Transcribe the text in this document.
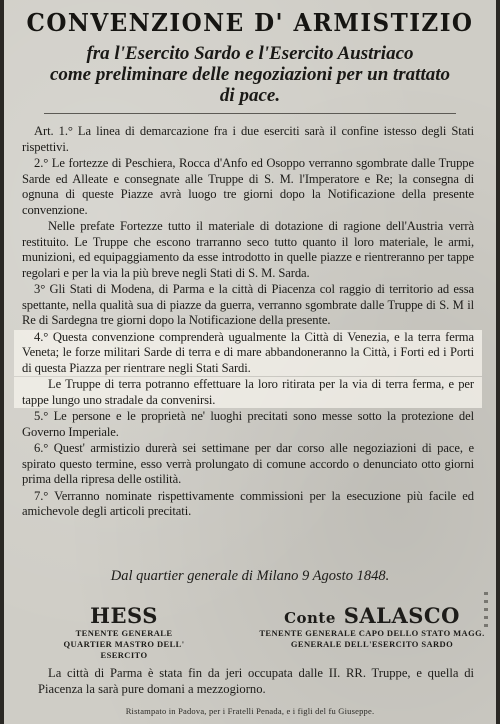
CONVENZIONE D' ARMISTIZIO
fra l'Esercito Sardo e l'Esercito Austriaco
come preliminare delle negoziazioni per un trattato
di pace.

Art. 1.° La linea di demarcazione fra i due eserciti sarà il confine istesso degli Stati rispettivi.

2.° Le fortezze di Peschiera, Rocca d'Anfo ed Osoppo verranno sgombrate dalle Truppe Sarde ed Alleate e consegnate alle Truppe di S. M. l'Imperatore e Re; la consegna di ognuna di queste Piazze avrà luogo tre giorni dopo la Notificazione della presente convenzione.

Nelle prefate Fortezze tutto il materiale di dotazione di ragione dell'Austria verrà restituito. Le Truppe che escono trarranno seco tutto quanto il loro materiale, le armi, munizioni, ed equipaggiamento da esse introdotto in quelle piazze e rientreranno per tappe regolari e per la via la più breve negli Stati di S. M. Sarda.

3° Gli Stati di Modena, di Parma e la città di Piacenza col raggio di territorio ad essa spettante, nella qualità sua di piazze da guerra, verranno sgombrate dalle Truppe di S. M il Re di Sardegna tre giorni dopo la Notificazione della presente.

4.° Questa convenzione comprenderà ugualmente la Città di Venezia, e la terra ferma Veneta; le forze militari Sarde di terra e di mare abbandoneranno la Città, i Forti ed i Porti di questa Piazza per rientrare negli Stati Sardi.

Le Truppe di terra potranno effettuare la loro ritirata per la via di terra ferma, e per tappe lungo uno stradale da convenirsi.

5.° Le persone e le proprietà ne' luoghi precitati sono messe sotto la protezione del Governo Imperiale.

6.° Quest' armistizio durerà sei settimane per dar corso alle negoziazioni di pace, e spirato questo termine, esso verrà prolungato di comune accordo o denunciato otto giorni prima della ripresa delle ostilità.

7.° Verranno nominate rispettivamente commissioni per la esecuzione più facile ed amichevole degli articoli precitati.

Dal quartier generale di Milano 9 Agosto 1848.
HESS
TENENTE GENERALE
QUARTIER MASTRO DELL' ESERCITO
Conte SALASCO
TENENTE GENERALE CAPO DELLO STATO MAGG.
GENERALE DELL'ESERCITO SARDO
La città di Parma è stata fin da jeri occupata dalle II. RR. Truppe, e quella di Piacenza la sarà pure domani a mezzogiorno.
Ristampato in Padova, per i Fratelli Penada, e i figli del fu Giuseppe.
